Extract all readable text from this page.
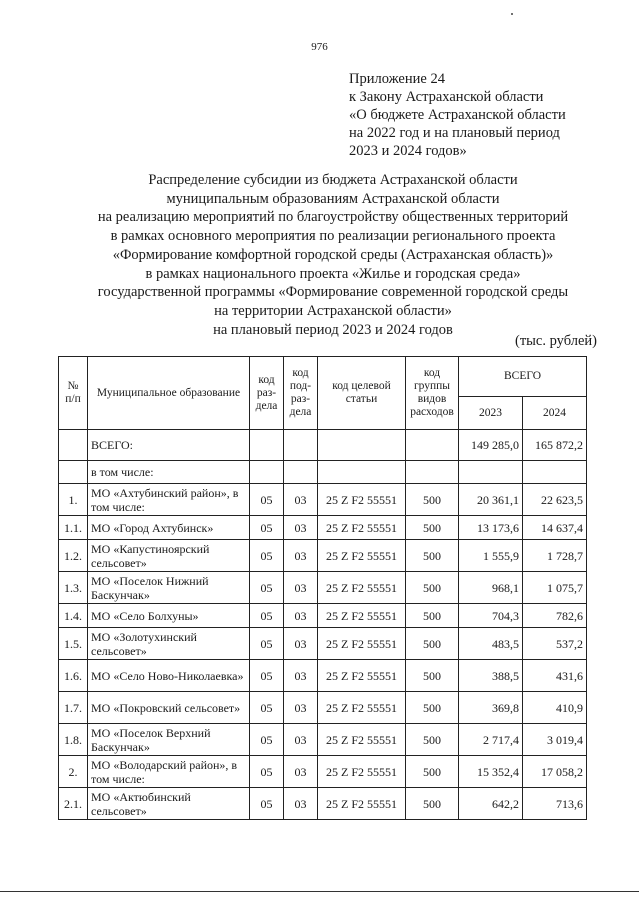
976
Приложение 24
к Закону Астраханской области
«О бюджете Астраханской области
на 2022 год и на плановый период
2023 и 2024 годов»
Распределение субсидии из бюджета Астраханской области
муниципальным образованиям Астраханской области
на реализацию мероприятий по благоустройству общественных территорий
в рамках основного мероприятия по реализации регионального проекта
«Формирование комфортной городской среды (Астраханская область)»
в рамках национального проекта «Жилье и городская среда»
государственной программы «Формирование современной городской среды
на территории Астраханской области»
на плановый период 2023 и 2024 годов
(тыс. рублей)
№ п/п	Муниципальное образование	код раз-дела	код под-раз-дела	код целевой статьи	код группы видов расходов	ВСЕГО	
						2023	2024
	ВСЕГО:					149 285,0	165 872,2
	в том числе:						
1.	МО «Ахтубинский район», в том числе:	05	03	25 Z F2 55551	500	20 361,1	22 623,5
1.1.	МО «Город Ахтубинск»	05	03	25 Z F2 55551	500	13 173,6	14 637,4
1.2.	МО «Капустиноярский сельсовет»	05	03	25 Z F2 55551	500	1 555,9	1 728,7
1.3.	МО «Поселок Нижний Баскунчак»	05	03	25 Z F2 55551	500	968,1	1 075,7
1.4.	МО «Село Болхуны»	05	03	25 Z F2 55551	500	704,3	782,6
1.5.	МО «Золотухинский сельсовет»	05	03	25 Z F2 55551	500	483,5	537,2
1.6.	МО «Село Ново-Николаевка»	05	03	25 Z F2 55551	500	388,5	431,6
1.7.	МО «Покровский сельсовет»	05	03	25 Z F2 55551	500	369,8	410,9
1.8.	МО «Поселок Верхний Баскунчак»	05	03	25 Z F2 55551	500	2 717,4	3 019,4
2.	МО «Володарский район», в том числе:	05	03	25 Z F2 55551	500	15 352,4	17 058,2
2.1.	МО «Актюбинский сельсовет»	05	03	25 Z F2 55551	500	642,2	713,6
